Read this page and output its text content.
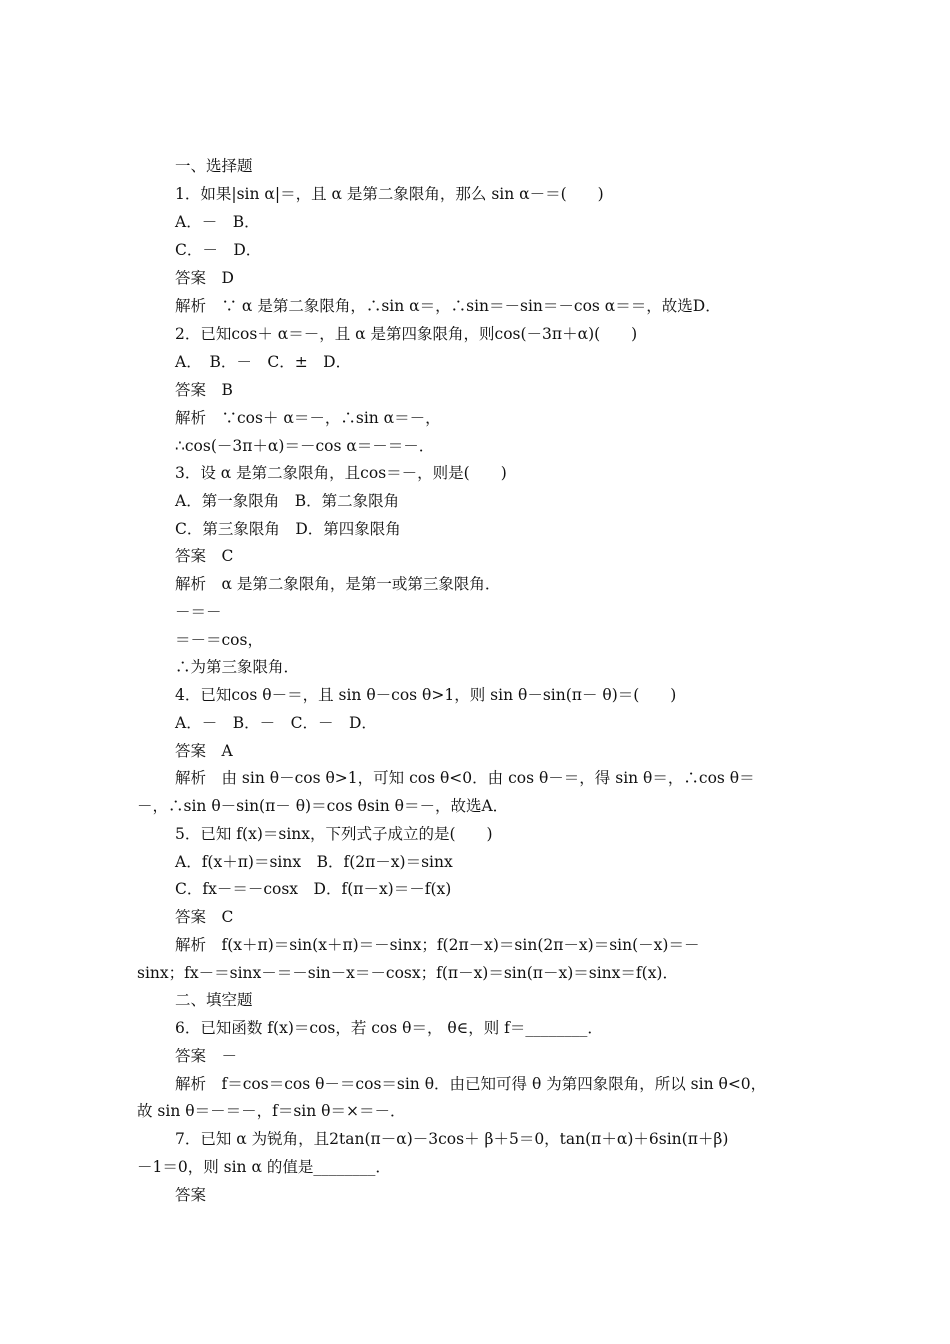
一、选择题
1．如果|sin α|＝，且 α 是第二象限角，那么 sin α－＝(　　)
A．－　B．
C．－　D．
答案　D
解析　∵ α 是第二象限角，∴sin α＝，∴sin＝－sin＝－cos α＝＝，故选D．
2．已知cos＋ α＝－，且 α 是第四象限角，则cos(－3π＋α)(　　)
A．　B．－　C．±　D．
答案　B
解析　∵cos＋ α＝－，∴sin α＝－，
∴cos(－3π＋α)＝－cos α＝－＝－．
3．设 α 是第二象限角，且cos＝－，则是(　　)
A．第一象限角　B．第二象限角
C．第三象限角　D．第四象限角
答案　C
解析　α 是第二象限角，是第一或第三象限角．
－＝－
＝－＝cos，
∴为第三象限角．
4．已知cos θ－＝，且 sin θ－cos θ>1，则 sin θ－sin(π－ θ)＝(　　)
A．－　B．－　C．－　D．
答案　A
解析　由 sin θ－cos θ>1，可知 cos θ<0．由 cos θ－＝，得 sin θ＝，∴cos θ＝
－，∴sin θ－sin(π－ θ)＝cos θsin θ＝－，故选A．
5．已知 f(x)＝sinx，下列式子成立的是(　　)
A．f(x＋π)＝sinx　B．f(2π－x)＝sinx
C．fx－＝－cosx　D．f(π－x)＝－f(x)
答案　C
解析　f(x＋π)＝sin(x＋π)＝－sinx；f(2π－x)＝sin(2π－x)＝sin(－x)＝－
sinx；fx－＝sinx－＝－sin－x＝－cosx；f(π－x)＝sin(π－x)＝sinx＝f(x)．
二、填空题
6．已知函数 f(x)＝cos，若 cos θ＝， θ∈，则 f＝________．
答案　－
解析　f＝cos＝cos θ－＝cos＝sin θ．由已知可得 θ 为第四象限角，所以 sin θ<0，
故 sin θ＝－＝－，f＝sin θ＝×＝－．
7．已知 α 为锐角，且2tan(π－α)－3cos＋ β＋5＝0，tan(π＋α)＋6sin(π＋β)
－1＝0，则 sin α 的值是________．
答案
